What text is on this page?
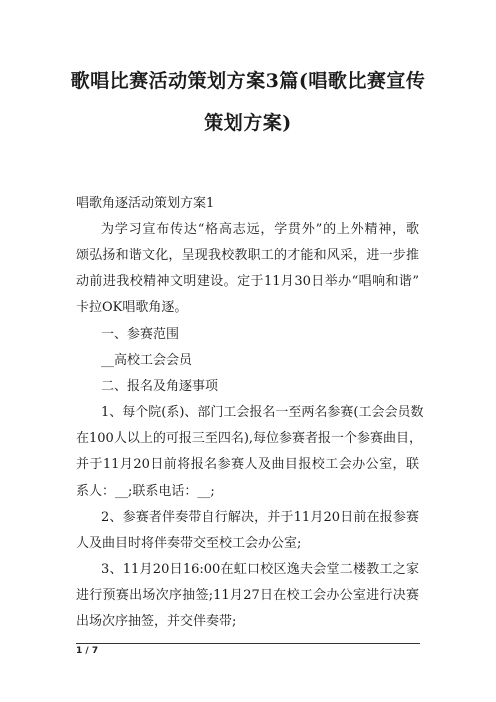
歌唱比赛活动策划方案3篇(唱歌比赛宣传
策划方案)
唱歌角逐活动策划方案1
为学习宣布传达“格高志远，学贯外”的上外精神，歌
颂弘扬和谐文化，呈现我校教职工的才能和风采，进一步推
动前进我校精神文明建设。定于11月30日举办“唱响和谐”
卡拉OK唱歌角逐。
一、参赛范围
__高校工会会员
二、报名及角逐事项
1、每个院(系)、部门工会报名一至两名参赛(工会会员数
在100人以上的可报三至四名),每位参赛者报一个参赛曲目，
并于11月20日前将报名参赛人及曲目报校工会办公室，联
系人：__;联系电话：__;
2、参赛者伴奏带自行解决，并于11月20日前在报参赛
人及曲目时将伴奏带交至校工会办公室;
3、11月20日16:00在虹口校区逸夫会堂二楼教工之家
进行预赛出场次序抽签;11月27日在校工会办公室进行决赛
出场次序抽签，并交伴奏带;
1 / 7
